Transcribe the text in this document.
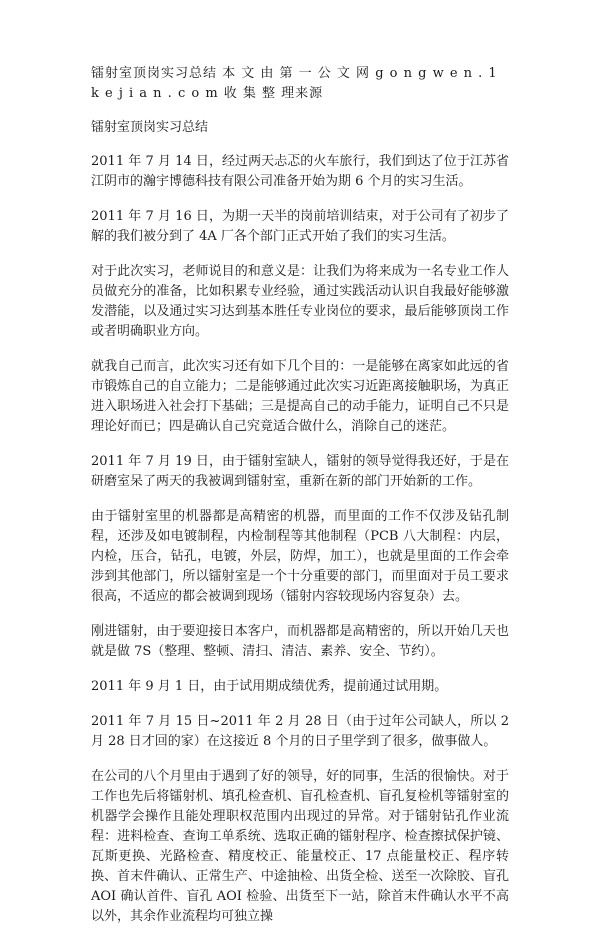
镭射室顶岗实习总结 本 文 由 第 一 公 文 网 g o n g w e n . 1 k e j i a n . c o m 收 集 整 理来源
镭射室顶岗实习总结
2011 年 7 月 14 日，经过两天忐忑的火车旅行，我们到达了位于江苏省江阴市的瀚宇博德科技有限公司准备开始为期 6 个月的实习生活。
2011 年 7 月 16 日，为期一天半的岗前培训结束，对于公司有了初步了解的我们被分到了 4A 厂各个部门正式开始了我们的实习生活。
对于此次实习，老师说目的和意义是：让我们为将来成为一名专业工作人员做充分的准备，比如积累专业经验，通过实践活动认识自我最好能够激发潜能，以及通过实习达到基本胜任专业岗位的要求，最后能够顶岗工作或者明确职业方向。
就我自己而言，此次实习还有如下几个目的：一是能够在离家如此远的省市锻炼自己的自立能力；二是能够通过此次实习近距离接触职场，为真正进入职场进入社会打下基础；三是提高自己的动手能力，证明自己不只是理论好而已；四是确认自己究竟适合做什么，消除自己的迷茫。
2011 年 7 月 19 日，由于镭射室缺人，镭射的领导觉得我还好，于是在研磨室呆了两天的我被调到镭射室，重新在新的部门开始新的工作。
由于镭射室里的机器都是高精密的机器，而里面的工作不仅涉及钻孔制程，还涉及如电镀制程，内检制程等其他制程（PCB 八大制程：内层，内检，压合，钻孔，电镀，外层，防焊，加工），也就是里面的工作会牵涉到其他部门，所以镭射室是一个十分重要的部门，而里面对于员工要求很高，不适应的都会被调到现场（镭射内容较现场内容复杂）去。
刚进镭射，由于要迎接日本客户，而机器都是高精密的，所以开始几天也就是做 7S（整理、整顿、清扫、清洁、素养、安全、节约）。
2011 年 9 月 1 日，由于试用期成绩优秀，提前通过试用期。
2011 年 7 月 15 日~2011 年 2 月 28 日（由于过年公司缺人，所以 2 月 28 日才回的家）在这接近 8 个月的日子里学到了很多，做事做人。
在公司的八个月里由于遇到了好的领导，好的同事，生活的很愉快。对于工作也先后将镭射机、填孔检查机、盲孔检查机、盲孔复检机等镭射室的机器学会操作且能处理职权范围内出现过的异常。对于镭射钻孔作业流程：进料检查、查询工单系统、选取正确的镭射程序、检查擦拭保护镜、瓦斯更换、光路检查、精度校正、能量校正、17 点能量校正、程序转换、首末件确认、正常生产、中途抽检、出货全检、送至一次除胶、盲孔 AOI 确认首件、盲孔 AOI 检验、出货至下一站，除首末件确认水平不高以外，其余作业流程均可独立操
